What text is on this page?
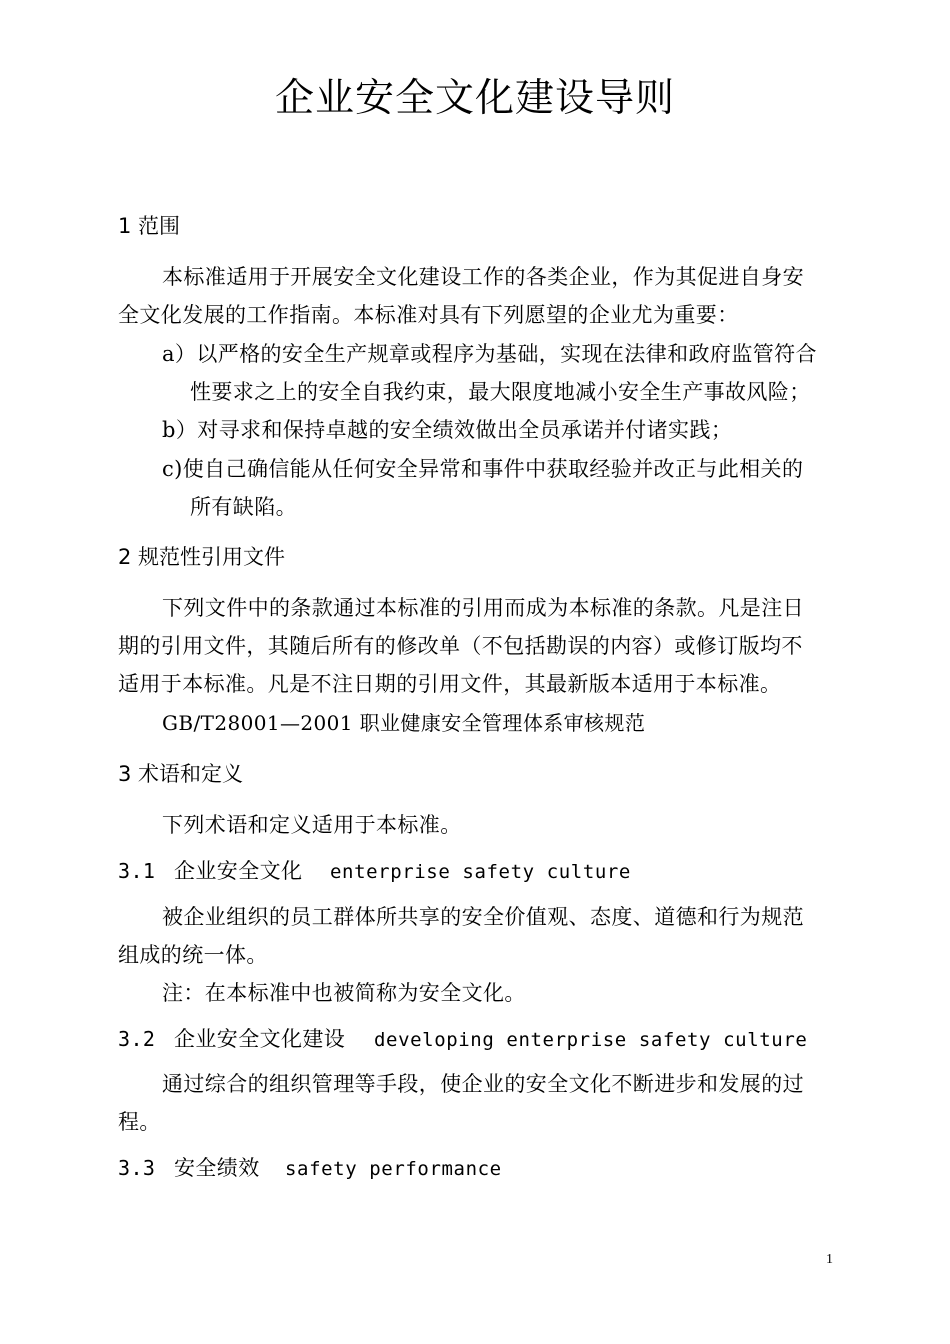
企业安全文化建设导则
1 范围
本标准适用于开展安全文化建设工作的各类企业，作为其促进自身安
全文化发展的工作指南。本标准对具有下列愿望的企业尤为重要：
a）以严格的安全生产规章或程序为基础，实现在法律和政府监管符合
性要求之上的安全自我约束，最大限度地减小安全生产事故风险；
b）对寻求和保持卓越的安全绩效做出全员承诺并付诸实践；
c)使自己确信能从任何安全异常和事件中获取经验并改正与此相关的
所有缺陷。
2 规范性引用文件
下列文件中的条款通过本标准的引用而成为本标准的条款。凡是注日
期的引用文件，其随后所有的修改单（不包括勘误的内容）或修订版均不
适用于本标准。凡是不注日期的引用文件，其最新版本适用于本标准。
GB/T28001—2001 职业健康安全管理体系审核规范
3 术语和定义
下列术语和定义适用于本标准。
3.1 企业安全文化 enterprise safety culture
被企业组织的员工群体所共享的安全价值观、态度、道德和行为规范
组成的统一体。
注：在本标准中也被简称为安全文化。
3.2 企业安全文化建设 developing enterprise safety culture
通过综合的组织管理等手段，使企业的安全文化不断进步和发展的过
程。
3.3 安全绩效 safety performance
1
